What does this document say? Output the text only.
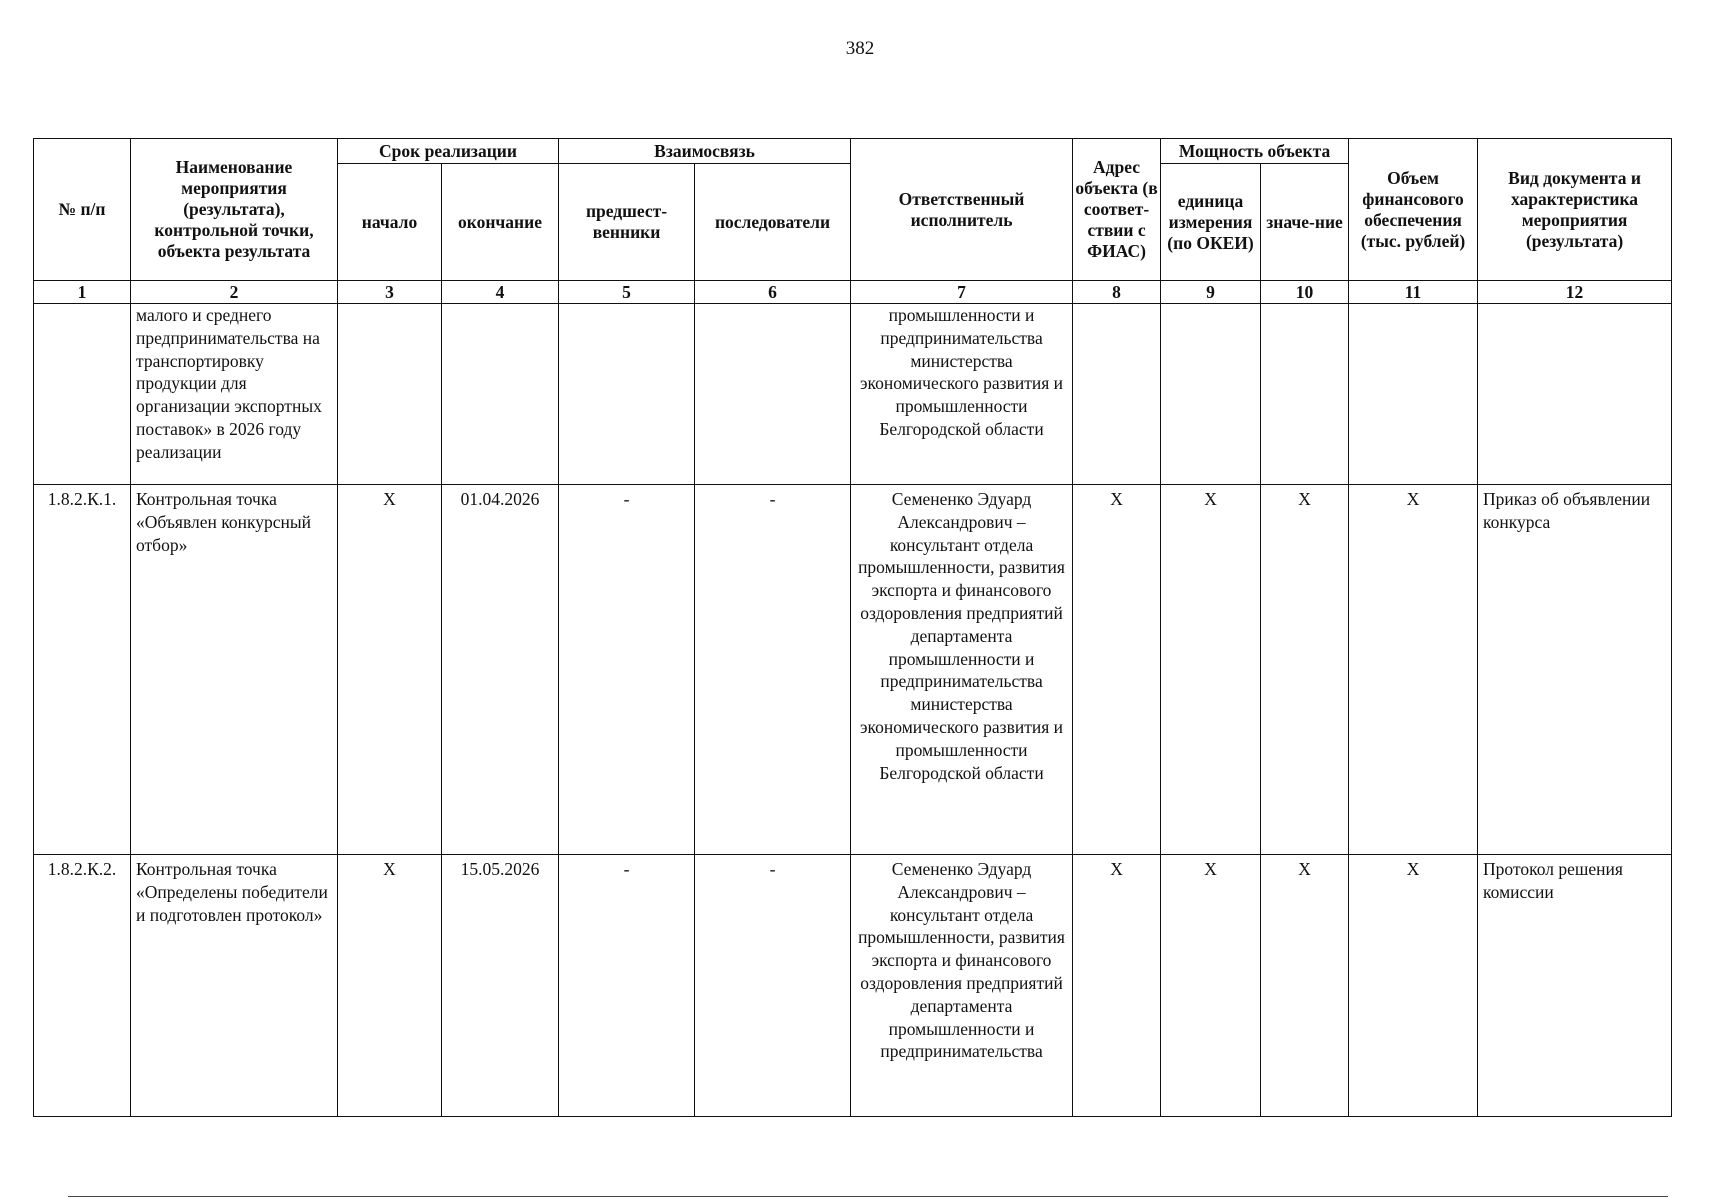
382
№ п/п	Наименование мероприятия (результата), контрольной точки, объекта результата	Срок реализации		Взаимосвязь		Ответственный исполнитель	Адрес объекта (в соответ-ствии с ФИАС)	Мощность объекта		Объем финансового обеспечения (тыс. рублей)	Вид документа и характеристика мероприятия (результата)
		начало	окончание	предшест-венники	последователи			единица измерения (по ОКЕИ)	значе-ние		
1	2	3	4	5	6	7	8	9	10	11	12
	малого и среднего предпринимательства на транспортировку продукции для организации экспортных поставок» в 2026 году реализации					промышленности и предпринимательства министерства экономического развития и промышленности Белгородской области					
1.8.2.К.1.	Контрольная точка «Объявлен конкурсный отбор»	X	01.04.2026	-	-	Семененко Эдуард Александрович – консультант отдела промышленности, развития экспорта и финансового оздоровления предприятий департамента промышленности и предпринимательства министерства экономического развития и промышленности Белгородской области	X	X	X	X	Приказ об объявлении конкурса
1.8.2.К.2.	Контрольная точка «Определены победители и подготовлен протокол»	X	15.05.2026	-	-	Семененко Эдуард Александрович – консультант отдела промышленности, развития экспорта и финансового оздоровления предприятий департамента промышленности и предпринимательства	X	X	X	X	Протокол решения комиссии
